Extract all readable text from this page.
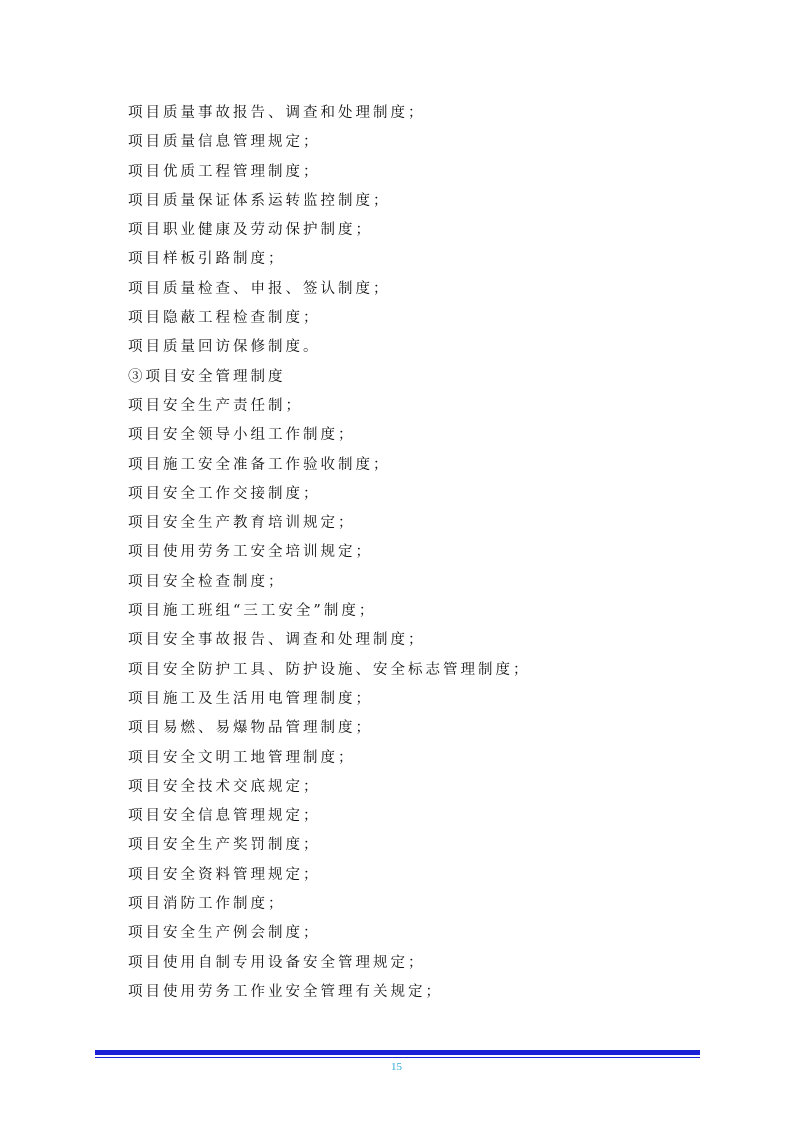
项目质量事故报告、调查和处理制度；
项目质量信息管理规定；
项目优质工程管理制度；
项目质量保证体系运转监控制度；
项目职业健康及劳动保护制度；
项目样板引路制度；
项目质量检查、申报、签认制度；
项目隐蔽工程检查制度；
项目质量回访保修制度。
③项目安全管理制度
项目安全生产责任制；
项目安全领导小组工作制度；
项目施工安全准备工作验收制度；
项目安全工作交接制度；
项目安全生产教育培训规定；
项目使用劳务工安全培训规定；
项目安全检查制度；
项目施工班组“三工安全”制度；
项目安全事故报告、调查和处理制度；
项目安全防护工具、防护设施、安全标志管理制度；
项目施工及生活用电管理制度；
项目易燃、易爆物品管理制度；
项目安全文明工地管理制度；
项目安全技术交底规定；
项目安全信息管理规定；
项目安全生产奖罚制度；
项目安全资料管理规定；
项目消防工作制度；
项目安全生产例会制度；
项目使用自制专用设备安全管理规定；
项目使用劳务工作业安全管理有关规定；
15
